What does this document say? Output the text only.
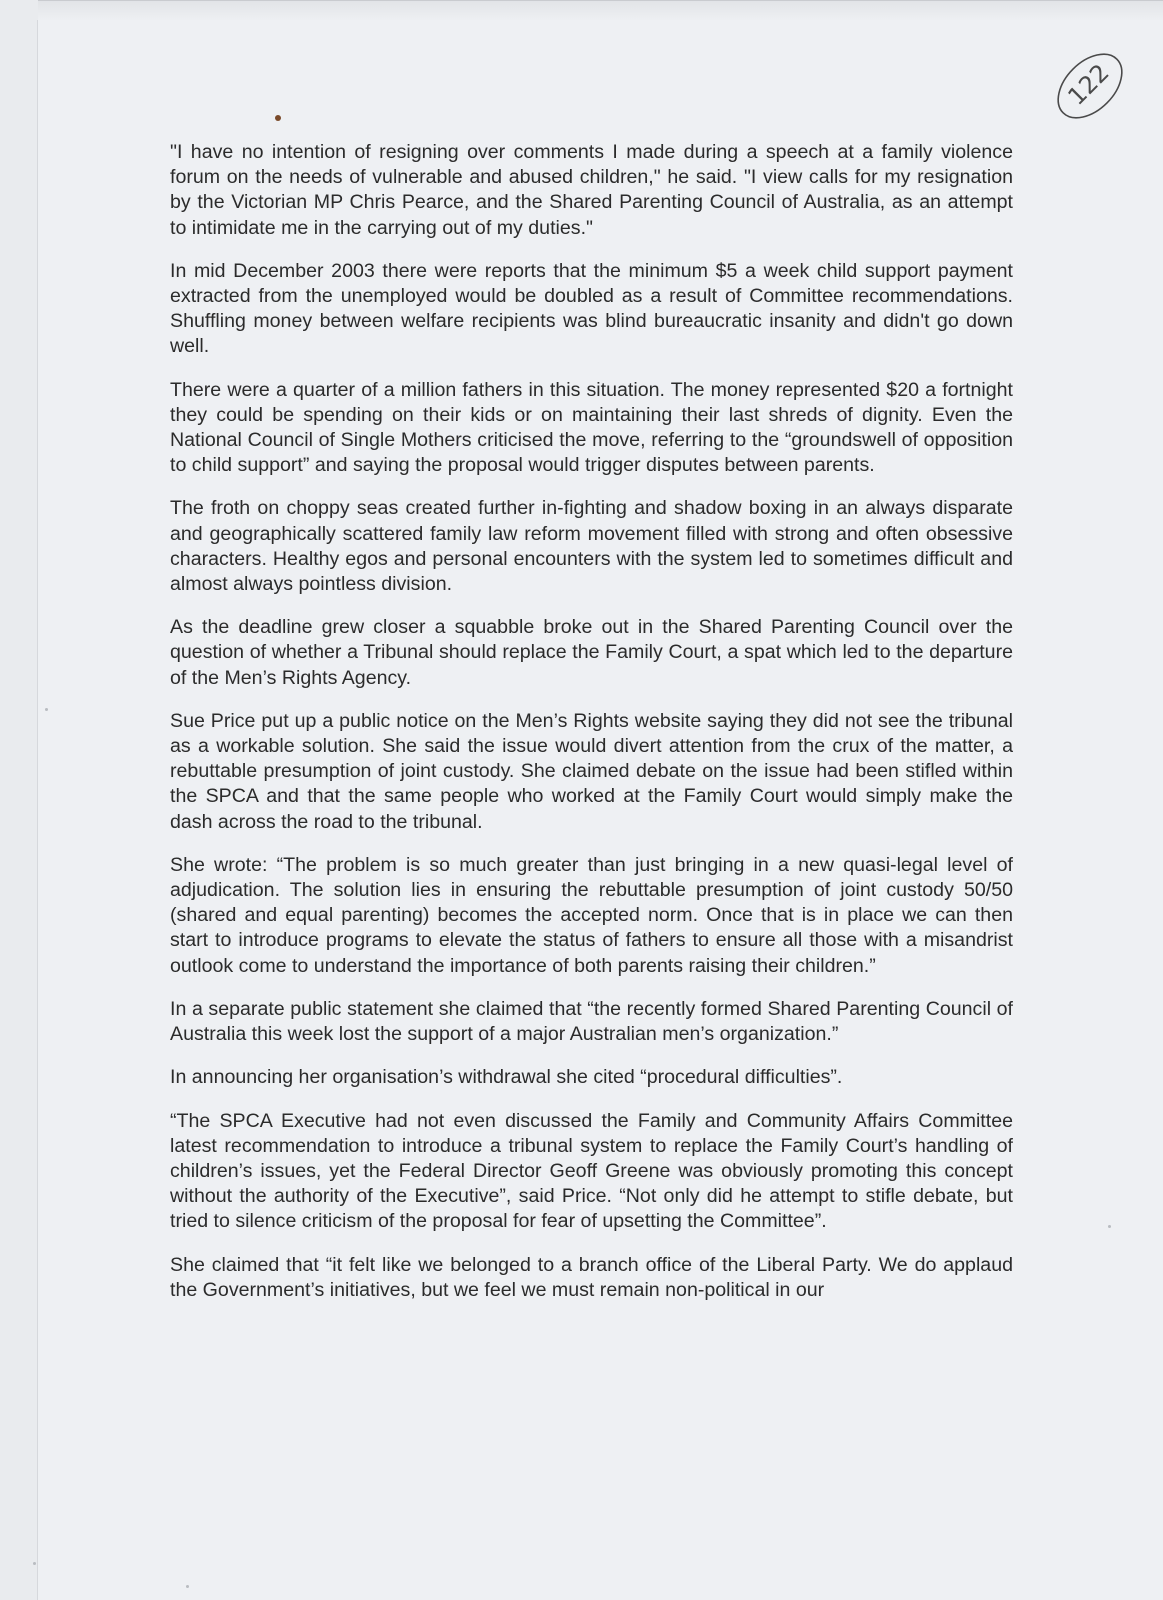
122

"I have no intention of resigning over comments I made during a speech at a family violence forum on the needs of vulnerable and abused children," he said. "I view calls for my resignation by the Victorian MP Chris Pearce, and the Shared Parenting Council of Australia, as an attempt to intimidate me in the carrying out of my duties."

In mid December 2003 there were reports that the minimum $5 a week child support payment extracted from the unemployed would be doubled as a result of Committee recommendations. Shuffling money between welfare recipients was blind bureaucratic insanity and didn't go down well.

There were a quarter of a million fathers in this situation. The money represented $20 a fortnight they could be spending on their kids or on maintaining their last shreds of dignity. Even the National Council of Single Mothers criticised the move, referring to the “groundswell of opposition to child support” and saying the proposal would trigger disputes between parents.

The froth on choppy seas created further in-fighting and shadow boxing in an always disparate and geographically scattered family law reform movement filled with strong and often obsessive characters. Healthy egos and personal encounters with the system led to sometimes difficult and almost always pointless division.

As the deadline grew closer a squabble broke out in the Shared Parenting Council over the question of whether a Tribunal should replace the Family Court, a spat which led to the departure of the Men’s Rights Agency.

Sue Price put up a public notice on the Men’s Rights website saying they did not see the tribunal as a workable solution. She said the issue would divert attention from the crux of the matter, a rebuttable presumption of joint custody. She claimed debate on the issue had been stifled within the SPCA and that the same people who worked at the Family Court would simply make the dash across the road to the tribunal.

She wrote: “The problem is so much greater than just bringing in a new quasi-legal level of adjudication. The solution lies in ensuring the rebuttable presumption of joint custody 50/50 (shared and equal parenting) becomes the accepted norm. Once that is in place we can then start to introduce programs to elevate the status of fathers to ensure all those with a misandrist outlook come to understand the importance of both parents raising their children.”

In a separate public statement she claimed that “the recently formed Shared Parenting Council of Australia this week lost the support of a major Australian men’s organization.”

In announcing her organisation’s withdrawal she cited “procedural difficulties”.

“The SPCA Executive had not even discussed the Family and Community Affairs Committee latest recommendation to introduce a tribunal system to replace the Family Court’s handling of children’s issues, yet the Federal Director Geoff Greene was obviously promoting this concept without the authority of the Executive”, said Price. “Not only did he attempt to stifle debate, but tried to silence criticism of the proposal for fear of upsetting the Committee”.

She claimed that “it felt like we belonged to a branch office of the Liberal Party. We do applaud the Government’s initiatives, but we feel we must remain non-political in our
